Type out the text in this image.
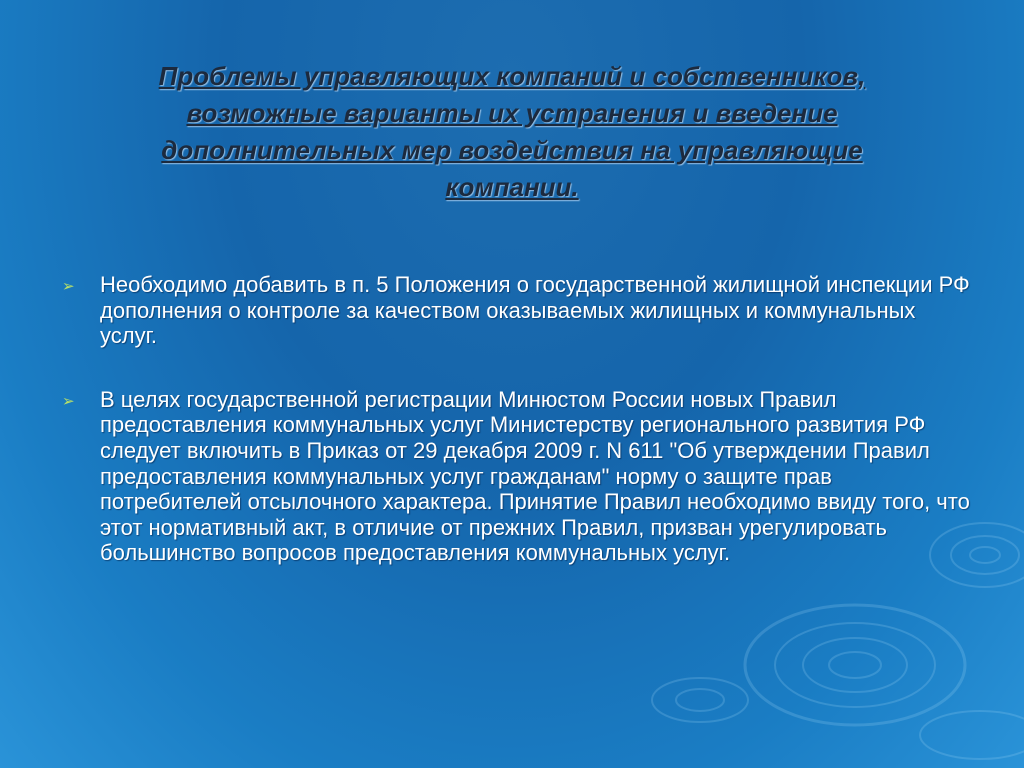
Проблемы управляющих компаний и собственников, возможные варианты их устранения и введение дополнительных мер воздействия на управляющие компании.
➢ Необходимо добавить в п. 5 Положения о государственной жилищной инспекции РФ дополнения о контроле за качеством оказываемых жилищных и коммунальных услуг.
➢ В целях государственной регистрации Минюстом России новых Правил предоставления коммунальных услуг Министерству регионального развития РФ следует включить в Приказ от 29 декабря 2009 г. N 611 "Об утверждении Правил предоставления коммунальных услуг гражданам" норму о защите прав потребителей отсылочного характера. Принятие Правил необходимо ввиду того, что этот нормативный акт, в отличие от прежних Правил, призван урегулировать большинство вопросов предоставления коммунальных услуг.
